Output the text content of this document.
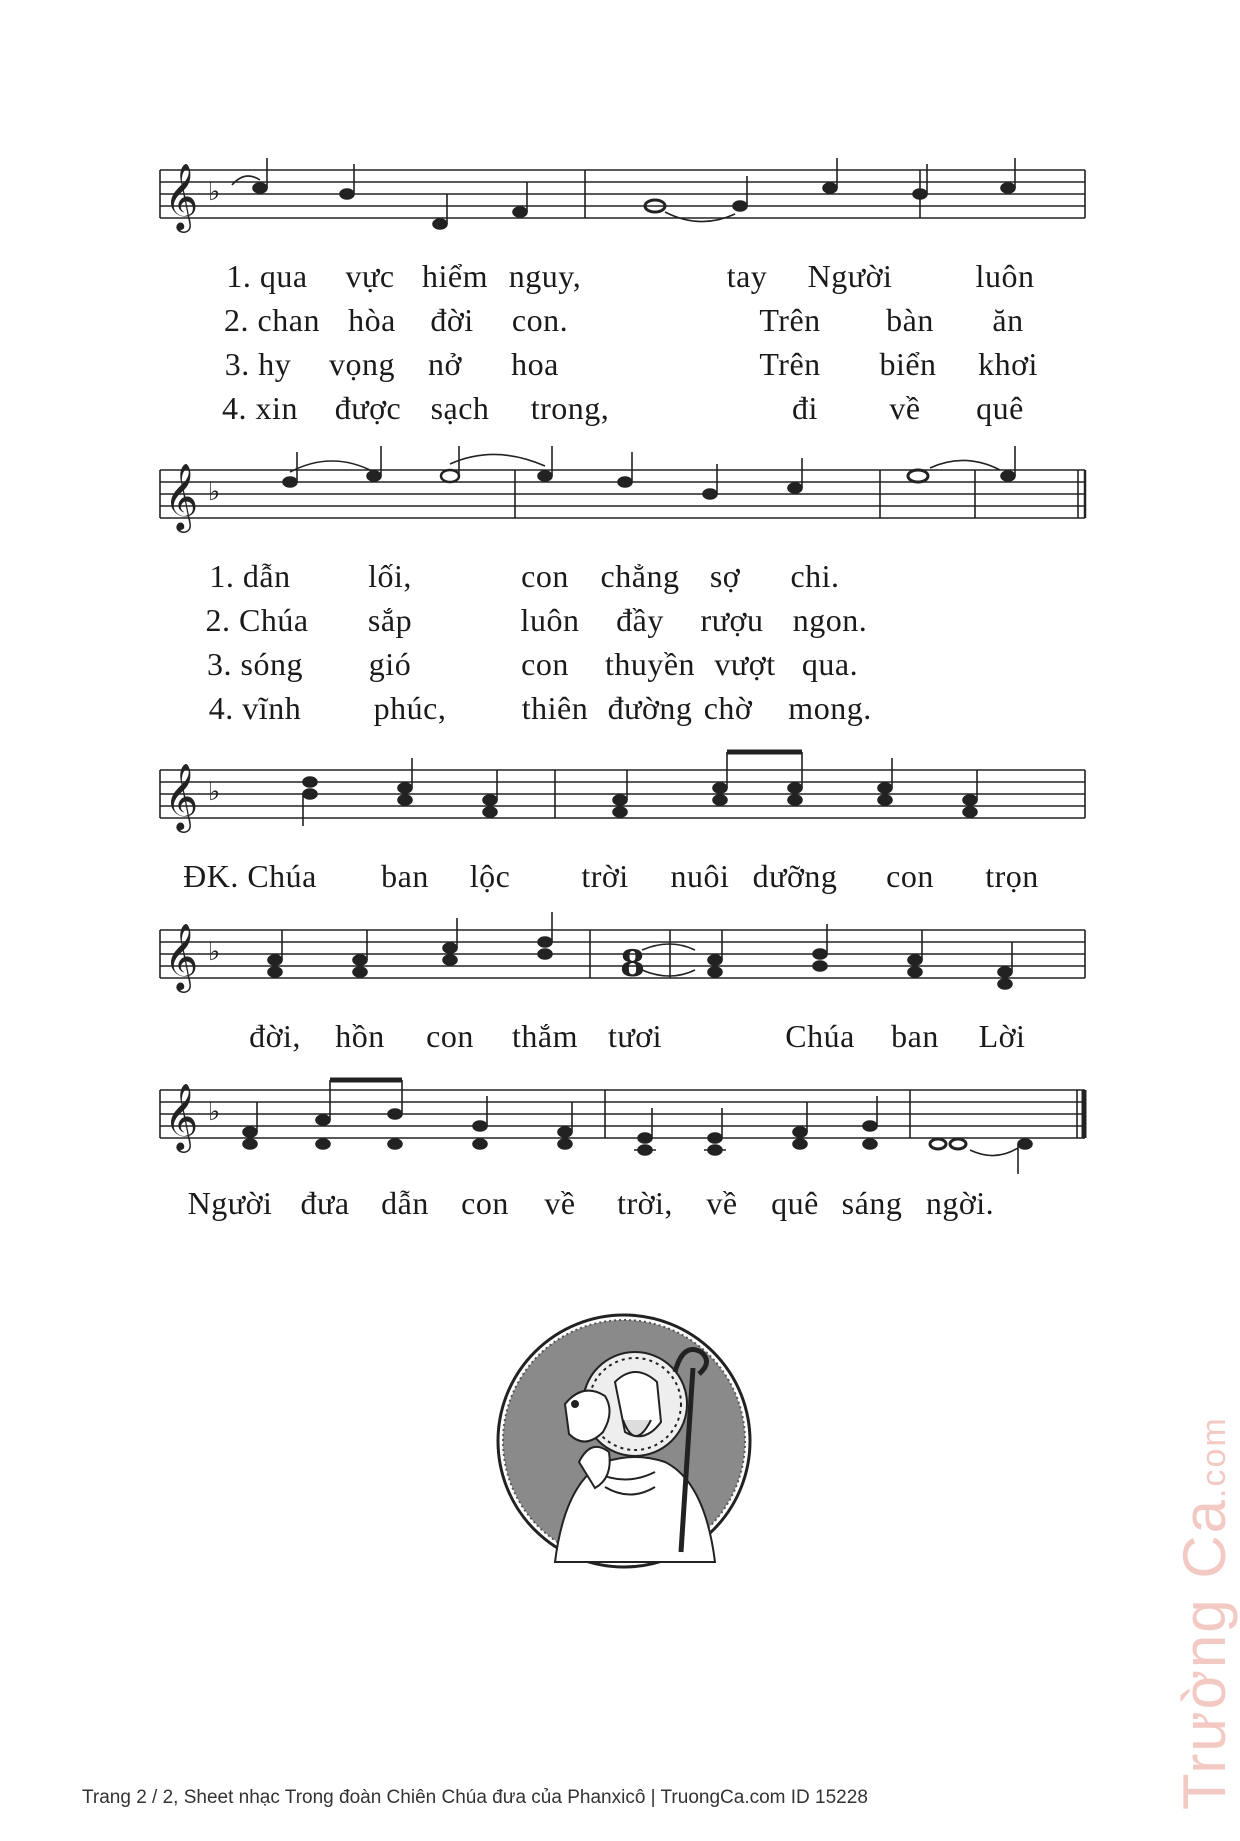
𝄞 ♭
1. qua vực hiểm nguy,	tay Người	luôn
2. chan hòa đời con.	Trên bàn ăn
3. hy vọng nở hoa	Trên biển khơi
4. xin được sạch trong,	đi về quê
𝄞 ♭
1. dẫn lối,	con chẳng sợ chi.
2. Chúa sắp	luôn đầy rượu ngon.
3. sóng gió	con thuyền vượt qua.
4. vĩnh phúc, thiên đường chờ mong.
𝄞 ♭
ĐK. Chúa ban lộc trời nuôi dưỡng con trọn
𝄞 ♭	8
đời, hồn con thắm tươi	Chúa ban Lời
𝄞 ♭
Người đưa dẫn con về trời, về quê sáng ngời.
Trường Ca.com
Trang 2 / 2, Sheet nhạc Trong đoàn Chiên Chúa đưa của Phanxicô | TruongCa.com ID 15228
